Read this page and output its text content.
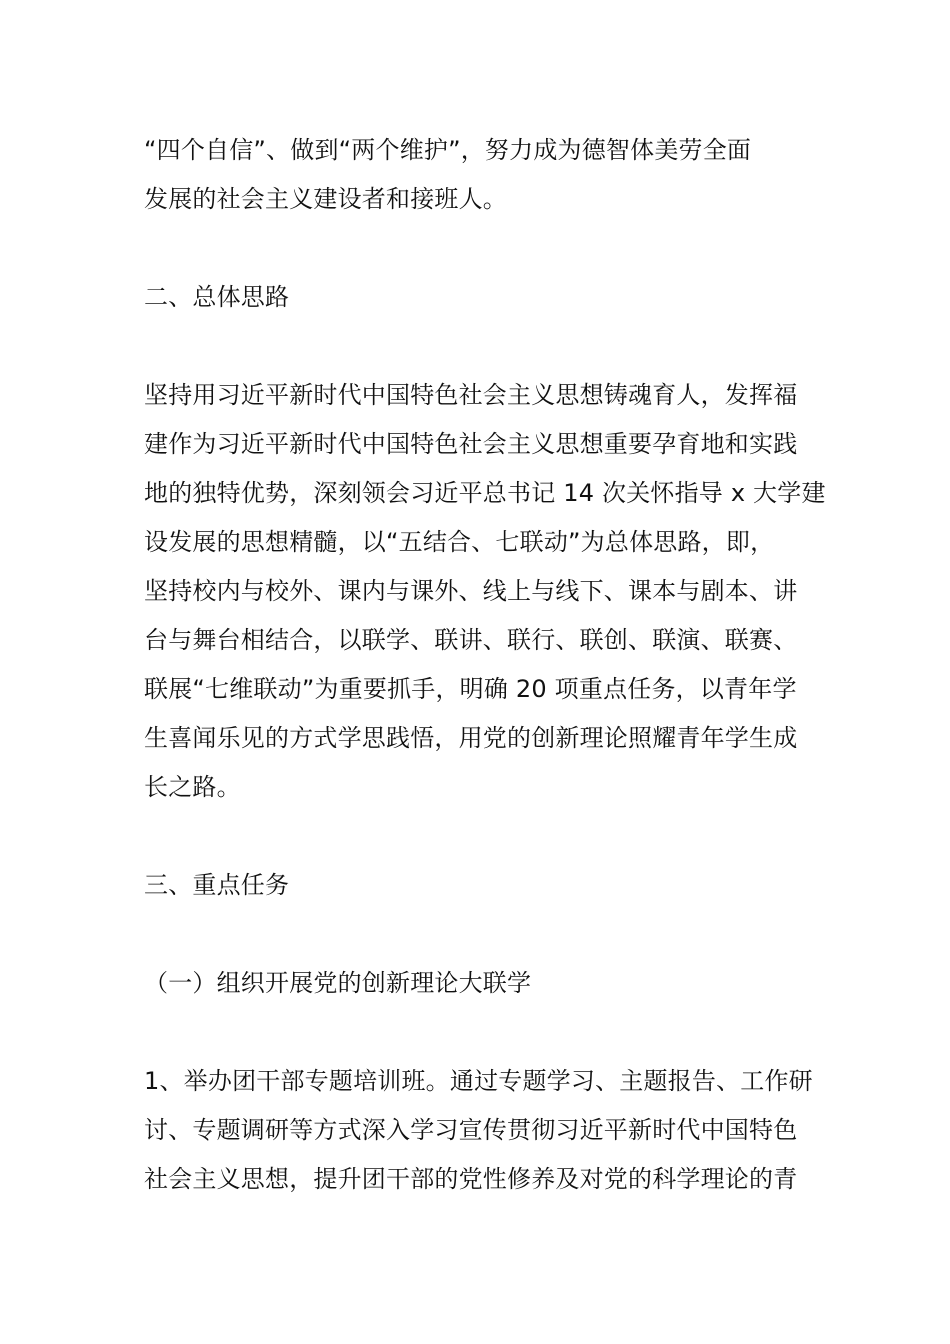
“四个自信”、做到“两个维护”，努力成为德智体美劳全面
发展的社会主义建设者和接班人。

二、总体思路

坚持用习近平新时代中国特色社会主义思想铸魂育人，发挥福
建作为习近平新时代中国特色社会主义思想重要孕育地和实践
地的独特优势，深刻领会习近平总书记 14 次关怀指导 x 大学建
设发展的思想精髓，以“五结合、七联动”为总体思路，即，
坚持校内与校外、课内与课外、线上与线下、课本与剧本、讲
台与舞台相结合，以联学、联讲、联行、联创、联演、联赛、
联展“七维联动”为重要抓手，明确 20 项重点任务，以青年学
生喜闻乐见的方式学思践悟，用党的创新理论照耀青年学生成
长之路。

三、重点任务

（一）组织开展党的创新理论大联学

1、举办团干部专题培训班。通过专题学习、主题报告、工作研
讨、专题调研等方式深入学习宣传贯彻习近平新时代中国特色
社会主义思想，提升团干部的党性修养及对党的科学理论的青
